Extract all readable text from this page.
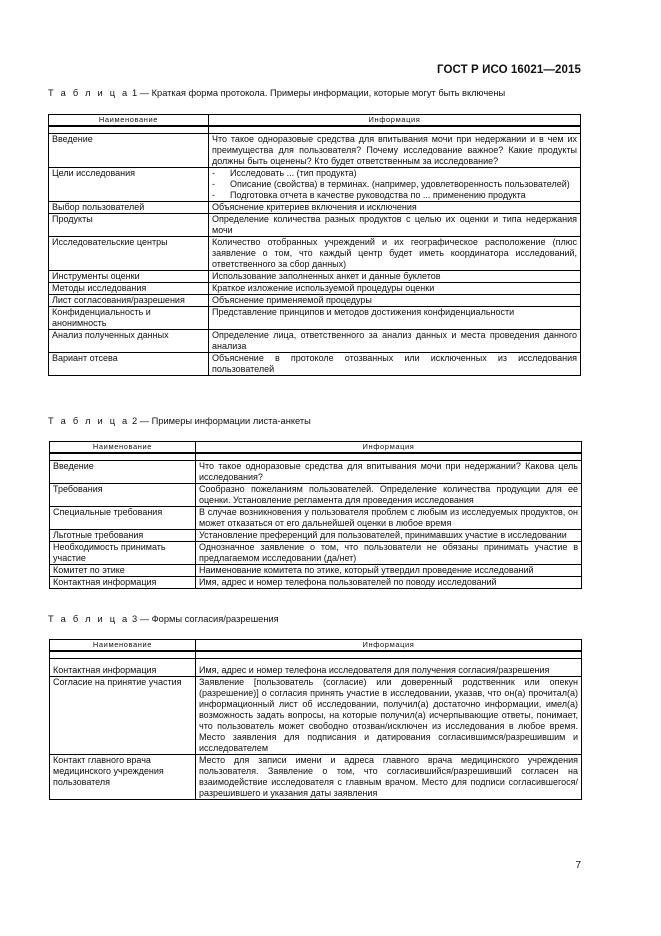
ГОСТ Р ИСО 16021—2015
Т а б л и ц а 1 — Краткая форма протокола. Примеры информации, которые могут быть включены
Наименование	Информация

Введение	Что такое одноразовые средства для впитывания мочи при недержании и в чем их преимущества для пользователя? Почему исследование важное? Какие продукты должны быть оценены? Кто будет ответственным за исследование?
Цели исследования	- Исследовать ... (тип продукта)
- Описание (свойства) в терминах. (например, удовлетворенность пользователей)
- Подготовка отчета в качестве руководства по ... применению продукта

Выбор пользователей	Объяснение критериев включения и исключения
Продукты	Определение количества разных продуктов с целью их оценки и типа недержания мочи
Исследовательские центры	Количество отобранных учреждений и их географическое расположение (плюс заявление о том, что каждый центр будет иметь координатора исследований, ответственного за сбор данных)
Инструменты оценки	Использование заполненных анкет и данные буклетов
Методы исследования	Краткое изложение используемой процедуры оценки
Лист согласования/разрешения	Объяснение применяемой процедуры
Конфиденциальность и анонимность	Представление принципов и методов достижения конфиденциальности
Анализ полученных данных	Определение лица, ответственного за анализ данных и места проведения данного анализа
Вариант отсева	Объяснение в протоколе отозванных или исключенных из исследования пользователей
Т а б л и ц а 2 — Примеры информации листа-анкеты
Наименование	Информация

Введение	Что такое одноразовые средства для впитывания мочи при недержании? Какова цель исследования?
Требования	Сообразно пожеланиям пользователей. Определение количества продукции для ее оценки. Установление регламента для проведения исследования
Специальные требования	В случае возникновения у пользователя проблем с любым из исследуемых продуктов, он может отказаться от его дальнейшей оценки в любое время
Льготные требования	Установление преференций для пользователей, принимавших участие в исследовании
Необходимость принимать участие	Однозначное заявление о том, что пользователи не обязаны принимать участие в предлагаемом исследовании (да/нет)
Комитет по этике	Наименование комитета по этике, который утвердил проведение исследований
Контактная информация	Имя, адрес и номер телефона пользователей по поводу исследований
Т а б л и ц а 3 — Формы согласия/разрешения
Наименование	Информация

Контактная информация	Имя, адрес и номер телефона исследователя для получения согласия/разрешения
Согласие на принятие участия	Заявление [пользователь (согласие) или доверенный родственник или опекун (разрешение)] о согласия принять участие в исследовании, указав, что он(а) прочитал(а) информационный лист об исследовании, получил(а) достаточно информации, имел(а) возможность задать вопросы, на которые получил(а) исчерпывающие ответы, понимает, что пользователь может свободно отозван/исключен из исследования в любое время. Место заявления для подписания и датирования согласившимся/разрешившим и исследователем
Контакт главного врача медицинского учреждения пользователя	Место для записи имени и адреса главного врача медицинского учреждения пользователя. Заявление о том, что согласившийся/разрешивший согласен на взаимодействие исследователя с главным врачом. Место для подписи согласившегося/разрешившего и указания даты заявления
7
